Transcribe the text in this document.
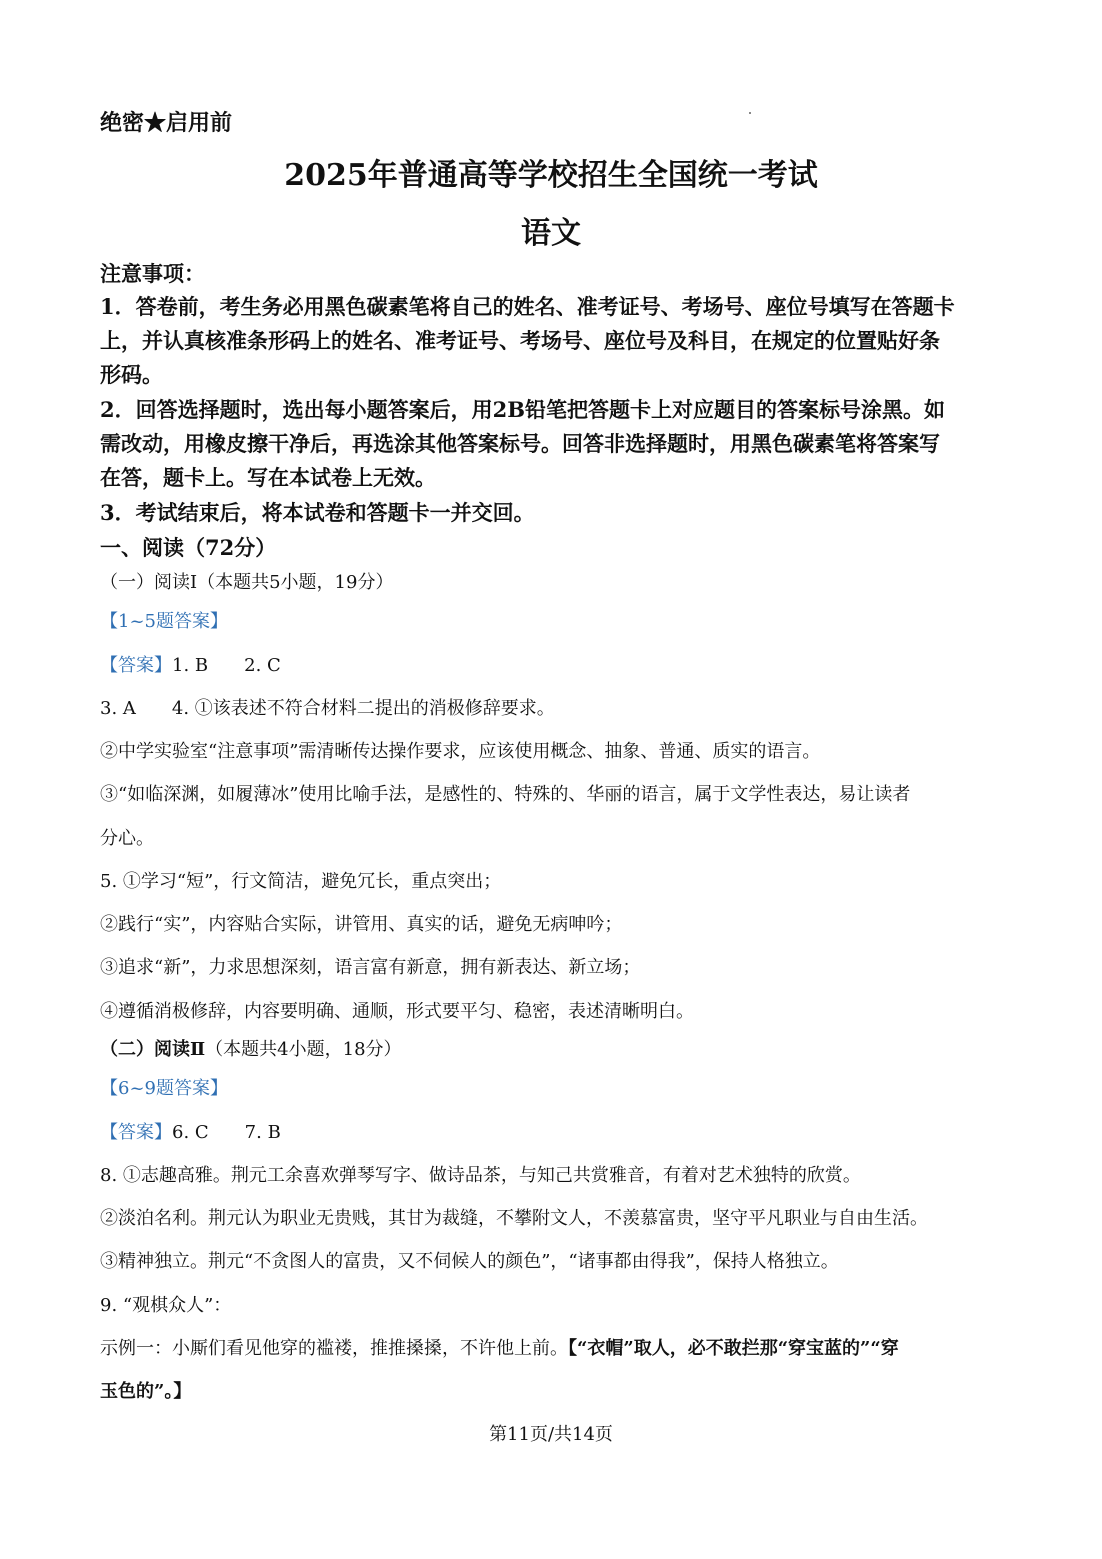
绝密★启用前
2025年普通高等学校招生全国统一考试
语文
注意事项：
1．答卷前，考生务必用黑色碳素笔将自己的姓名、准考证号、考场号、座位号填写在答题卡
上，并认真核准条形码上的姓名、准考证号、考场号、座位号及科目，在规定的位置贴好条
形码。
2．回答选择题时，选出每小题答案后，用2B铅笔把答题卡上对应题目的答案标号涂黑。如
需改动，用橡皮擦干净后，再选涂其他答案标号。回答非选择题时，用黑色碳素笔将答案写
在答，题卡上。写在本试卷上无效。
3．考试结束后，将本试卷和答题卡一并交回。
一、阅读（72分）
（一）阅读Ⅰ（本题共5小题，19分）
【1~5题答案】
【答案】1. B　　2. C
3. A　　4. ①该表述不符合材料二提出的消极修辞要求。
②中学实验室“注意事项”需清晰传达操作要求，应该使用概念、抽象、普通、质实的语言。
③“如临深渊，如履薄冰”使用比喻手法，是感性的、特殊的、华丽的语言，属于文学性表达，易让读者
分心。
5. ①学习“短”，行文简洁，避免冗长，重点突出；
②践行“实”，内容贴合实际，讲管用、真实的话，避免无病呻吟；
③追求“新”，力求思想深刻，语言富有新意，拥有新表达、新立场；
④遵循消极修辞，内容要明确、通顺，形式要平匀、稳密，表述清晰明白。
（二）阅读Ⅱ（本题共4小题，18分）
【6~9题答案】
【答案】6. C　　7. B
8. ①志趣高雅。荆元工余喜欢弹琴写字、做诗品茶，与知己共赏雅音，有着对艺术独特的欣赏。
②淡泊名利。荆元认为职业无贵贱，其甘为裁缝，不攀附文人，不羡慕富贵，坚守平凡职业与自由生活。
③精神独立。荆元“不贪图人的富贵，又不伺候人的颜色”，“诸事都由得我”，保持人格独立。
9. “观棋众人”：
示例一：小厮们看见他穿的褴褛，推推搡搡，不许他上前。【“衣帽”取人，必不敢拦那“穿宝蓝的”“穿
玉色的”。】
第11页/共14页
